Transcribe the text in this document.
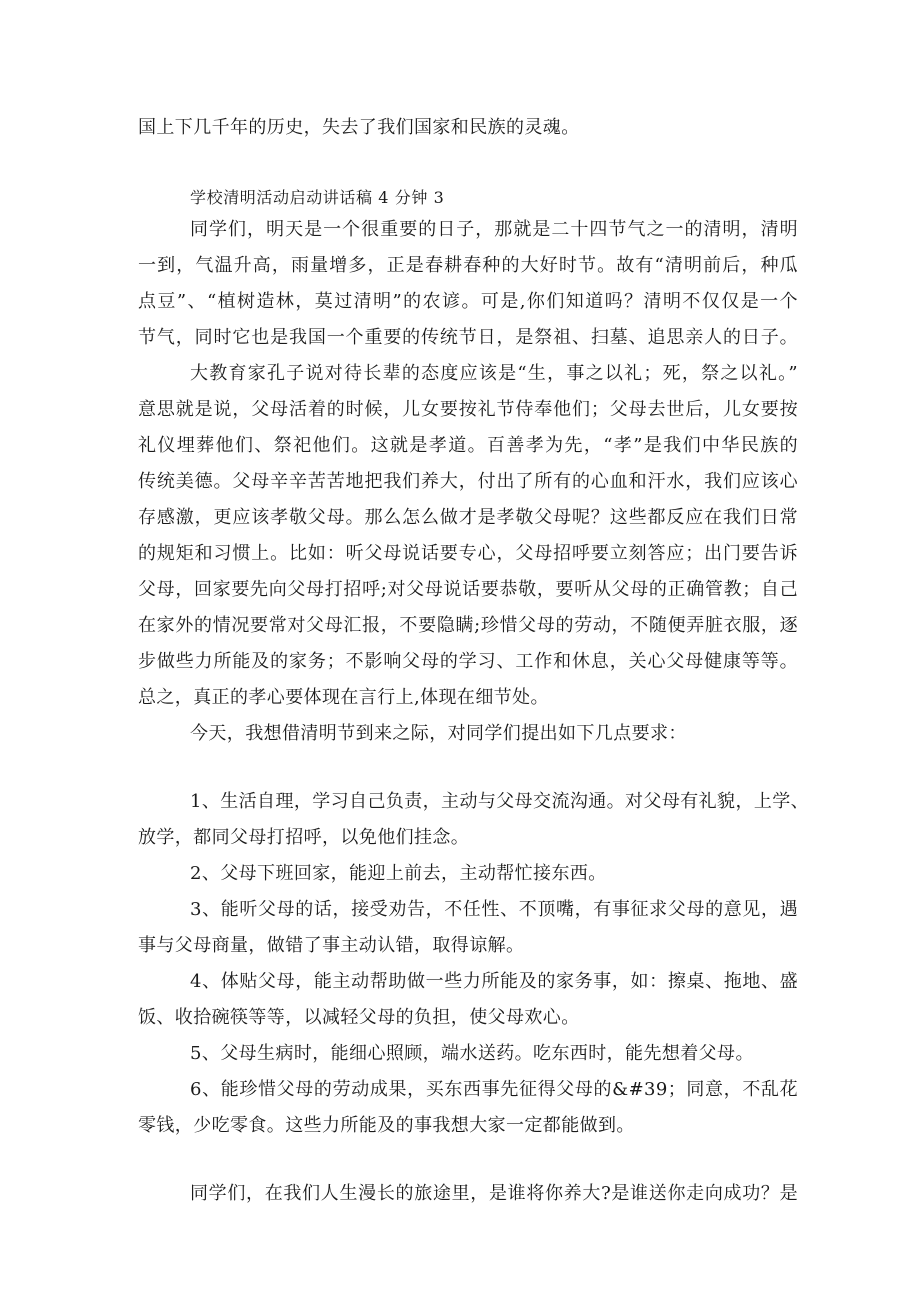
国上下几千年的历史，失去了我们国家和民族的灵魂。
学校清明活动启动讲话稿 4 分钟 3
同学们，明天是一个很重要的日子，那就是二十四节气之一的清明，清明
一到，气温升高，雨量增多，正是春耕春种的大好时节。故有“清明前后，种瓜
点豆”、“植树造林，莫过清明”的农谚。可是,你们知道吗？清明不仅仅是一个
节气，同时它也是我国一个重要的传统节日，是祭祖、扫墓、追思亲人的日子。
大教育家孔子说对待长辈的态度应该是“生，事之以礼；死，祭之以礼。”
意思就是说，父母活着的时候，儿女要按礼节侍奉他们；父母去世后，儿女要按
礼仪埋葬他们、祭祀他们。这就是孝道。百善孝为先，“孝”是我们中华民族的
传统美德。父母辛辛苦苦地把我们养大，付出了所有的心血和汗水，我们应该心
存感激，更应该孝敬父母。那么怎么做才是孝敬父母呢？这些都反应在我们日常
的规矩和习惯上。比如：听父母说话要专心，父母招呼要立刻答应；出门要告诉
父母，回家要先向父母打招呼;对父母说话要恭敬，要听从父母的正确管教；自己
在家外的情况要常对父母汇报，不要隐瞒;珍惜父母的劳动，不随便弄脏衣服，逐
步做些力所能及的家务；不影响父母的学习、工作和休息，关心父母健康等等。
总之，真正的孝心要体现在言行上,体现在细节处。
今天，我想借清明节到来之际，对同学们提出如下几点要求：
1、生活自理，学习自己负责，主动与父母交流沟通。对父母有礼貌，上学、
放学，都同父母打招呼，以免他们挂念。
2、父母下班回家，能迎上前去，主动帮忙接东西。
3、能听父母的话，接受劝告，不任性、不顶嘴，有事征求父母的意见，遇
事与父母商量，做错了事主动认错，取得谅解。
4、体贴父母，能主动帮助做一些力所能及的家务事，如：擦桌、拖地、盛
饭、收拾碗筷等等，以减轻父母的负担，使父母欢心。
5、父母生病时，能细心照顾，端水送药。吃东西时，能先想着父母。
6、能珍惜父母的劳动成果，买东西事先征得父母的&#39；同意，不乱花
零钱，少吃零食。这些力所能及的事我想大家一定都能做到。
同学们，在我们人生漫长的旅途里，是谁将你养大?是谁送你走向成功？是
